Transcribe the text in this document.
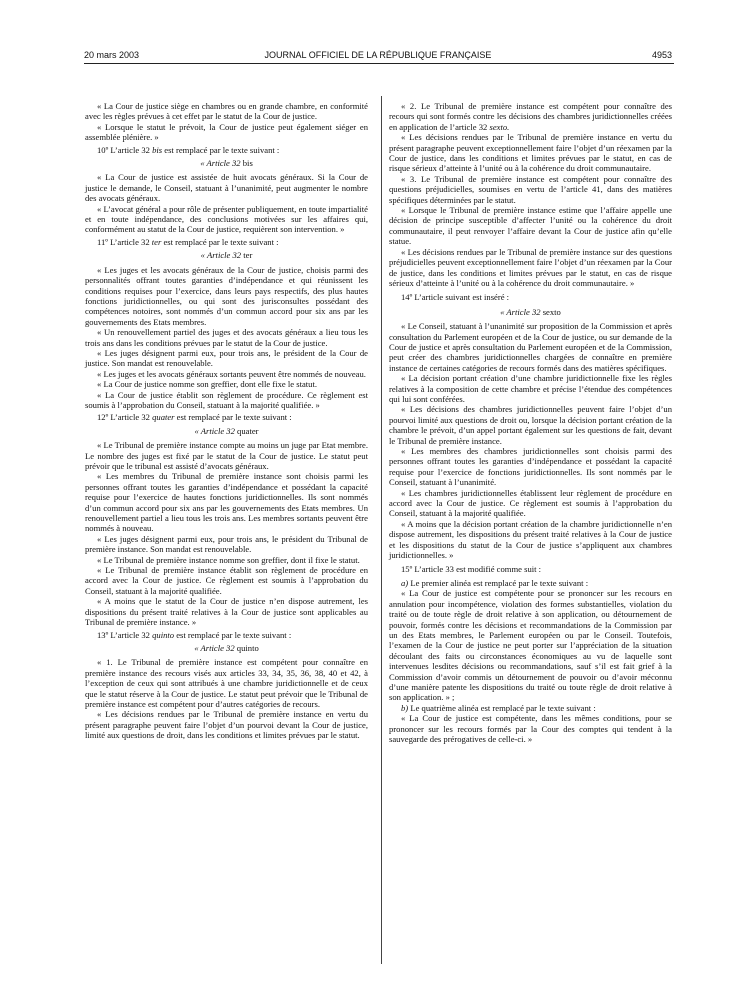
20 mars 2003	JOURNAL OFFICIEL DE LA RÉPUBLIQUE FRANÇAISE	4953

« La Cour de justice siège en chambres ou en grande chambre, en conformité avec les règles prévues à cet effet par le statut de la Cour de justice.

« Lorsque le statut le prévoit, la Cour de justice peut également siéger en assemblée plénière. »

10º L’article 32 bis est remplacé par le texte suivant :

« Article 32 bis

« La Cour de justice est assistée de huit avocats généraux. Si la Cour de justice le demande, le Conseil, statuant à l’unanimité, peut augmenter le nombre des avocats généraux.

« L’avocat général a pour rôle de présenter publiquement, en toute impartialité et en toute indépendance, des conclusions motivées sur les affaires qui, conformément au statut de la Cour de justice, requièrent son intervention. »

11º L’article 32 ter est remplacé par le texte suivant :

« Article 32 ter

« Les juges et les avocats généraux de la Cour de justice, choisis parmi des personnalités offrant toutes garanties d’indépendance et qui réunissent les conditions requises pour l’exercice, dans leurs pays respectifs, des plus hautes fonctions juridictionnelles, ou qui sont des jurisconsultes possédant des compétences notoires, sont nommés d’un commun accord pour six ans par les gouvernements des Etats membres.

« Un renouvellement partiel des juges et des avocats généraux a lieu tous les trois ans dans les conditions prévues par le statut de la Cour de justice.

« Les juges désignent parmi eux, pour trois ans, le président de la Cour de justice. Son mandat est renouvelable.

« Les juges et les avocats généraux sortants peuvent être nommés de nouveau.

« La Cour de justice nomme son greffier, dont elle fixe le statut.

« La Cour de justice établit son règlement de procédure. Ce règlement est soumis à l’approbation du Conseil, statuant à la majorité qualifiée. »

12º L’article 32 quater est remplacé par le texte suivant :

« Article 32 quater

« Le Tribunal de première instance compte au moins un juge par Etat membre. Le nombre des juges est fixé par le statut de la Cour de justice. Le statut peut prévoir que le tribunal est assisté d’avocats généraux.

« Les membres du Tribunal de première instance sont choisis parmi les personnes offrant toutes les garanties d’indépendance et possédant la capacité requise pour l’exercice de hautes fonctions juridictionnelles. Ils sont nommés d’un commun accord pour six ans par les gouvernements des Etats membres. Un renouvellement partiel a lieu tous les trois ans. Les membres sortants peuvent être nommés à nouveau.

« Les juges désignent parmi eux, pour trois ans, le président du Tribunal de première instance. Son mandat est renouvelable.

« Le Tribunal de première instance nomme son greffier, dont il fixe le statut.

« Le Tribunal de première instance établit son règlement de procédure en accord avec la Cour de justice. Ce règlement est soumis à l’approbation du Conseil, statuant à la majorité qualifiée.

« A moins que le statut de la Cour de justice n’en dispose autrement, les dispositions du présent traité relatives à la Cour de justice sont applicables au Tribunal de première instance. »

13º L’article 32 quinto est remplacé par le texte suivant :

« Article 32 quinto

« 1. Le Tribunal de première instance est compétent pour connaître en première instance des recours visés aux articles 33, 34, 35, 36, 38, 40 et 42, à l’exception de ceux qui sont attribués à une chambre juridictionnelle et de ceux que le statut réserve à la Cour de justice. Le statut peut prévoir que le Tribunal de première instance est compétent pour d’autres catégories de recours.

« Les décisions rendues par le Tribunal de première instance en vertu du présent paragraphe peuvent faire l’objet d’un pourvoi devant la Cour de justice, limité aux questions de droit, dans les conditions et limites prévues par le statut.

« 2. Le Tribunal de première instance est compétent pour connaître des recours qui sont formés contre les décisions des chambres juridictionnelles créées en application de l’article 32 sexto.

« Les décisions rendues par le Tribunal de première instance en vertu du présent paragraphe peuvent exceptionnellement faire l’objet d’un réexamen par la Cour de justice, dans les conditions et limites prévues par le statut, en cas de risque sérieux d’atteinte à l’unité ou à la cohérence du droit communautaire.

« 3. Le Tribunal de première instance est compétent pour connaître des questions préjudicielles, soumises en vertu de l’article 41, dans des matières spécifiques déterminées par le statut.

« Lorsque le Tribunal de première instance estime que l’affaire appelle une décision de principe susceptible d’affecter l’unité ou la cohérence du droit communautaire, il peut renvoyer l’affaire devant la Cour de justice afin qu’elle statue.

« Les décisions rendues par le Tribunal de première instance sur des questions préjudicielles peuvent exceptionnellement faire l’objet d’un réexamen par la Cour de justice, dans les conditions et limites prévues par le statut, en cas de risque sérieux d’atteinte à l’unité ou à la cohérence du droit communautaire. »

14º L’article suivant est inséré :

« Article 32 sexto

« Le Conseil, statuant à l’unanimité sur proposition de la Commission et après consultation du Parlement européen et de la Cour de justice, ou sur demande de la Cour de justice et après consultation du Parlement européen et de la Commission, peut créer des chambres juridictionnelles chargées de connaître en première instance de certaines catégories de recours formés dans des matières spécifiques.

« La décision portant création d’une chambre juridictionnelle fixe les règles relatives à la composition de cette chambre et précise l’étendue des compétences qui lui sont conférées.

« Les décisions des chambres juridictionnelles peuvent faire l’objet d’un pourvoi limité aux questions de droit ou, lorsque la décision portant création de la chambre le prévoit, d’un appel portant également sur les questions de fait, devant le Tribunal de première instance.

« Les membres des chambres juridictionnelles sont choisis parmi des personnes offrant toutes les garanties d’indépendance et possédant la capacité requise pour l’exercice de fonctions juridictionnelles. Ils sont nommés par le Conseil, statuant à l’unanimité.

« Les chambres juridictionnelles établissent leur règlement de procédure en accord avec la Cour de justice. Ce règlement est soumis à l’approbation du Conseil, statuant à la majorité qualifiée.

« A moins que la décision portant création de la chambre juridictionnelle n’en dispose autrement, les dispositions du présent traité relatives à la Cour de justice et les dispositions du statut de la Cour de justice s’appliquent aux chambres juridictionnelles. »

15º L’article 33 est modifié comme suit :

a) Le premier alinéa est remplacé par le texte suivant :

« La Cour de justice est compétente pour se prononcer sur les recours en annulation pour incompétence, violation des formes substantielles, violation du traité ou de toute règle de droit relative à son application, ou détournement de pouvoir, formés contre les décisions et recommandations de la Commission par un des Etats membres, le Parlement européen ou par le Conseil. Toutefois, l’examen de la Cour de justice ne peut porter sur l’appréciation de la situation découlant des faits ou circonstances économiques au vu de laquelle sont intervenues lesdites décisions ou recommandations, sauf s’il est fait grief à la Commission d’avoir commis un détournement de pouvoir ou d’avoir méconnu d’une manière patente les dispositions du traité ou toute règle de droit relative à son application. » ;

b) Le quatrième alinéa est remplacé par le texte suivant :

« La Cour de justice est compétente, dans les mêmes conditions, pour se prononcer sur les recours formés par la Cour des comptes qui tendent à la sauvegarde des prérogatives de celle-ci. »
